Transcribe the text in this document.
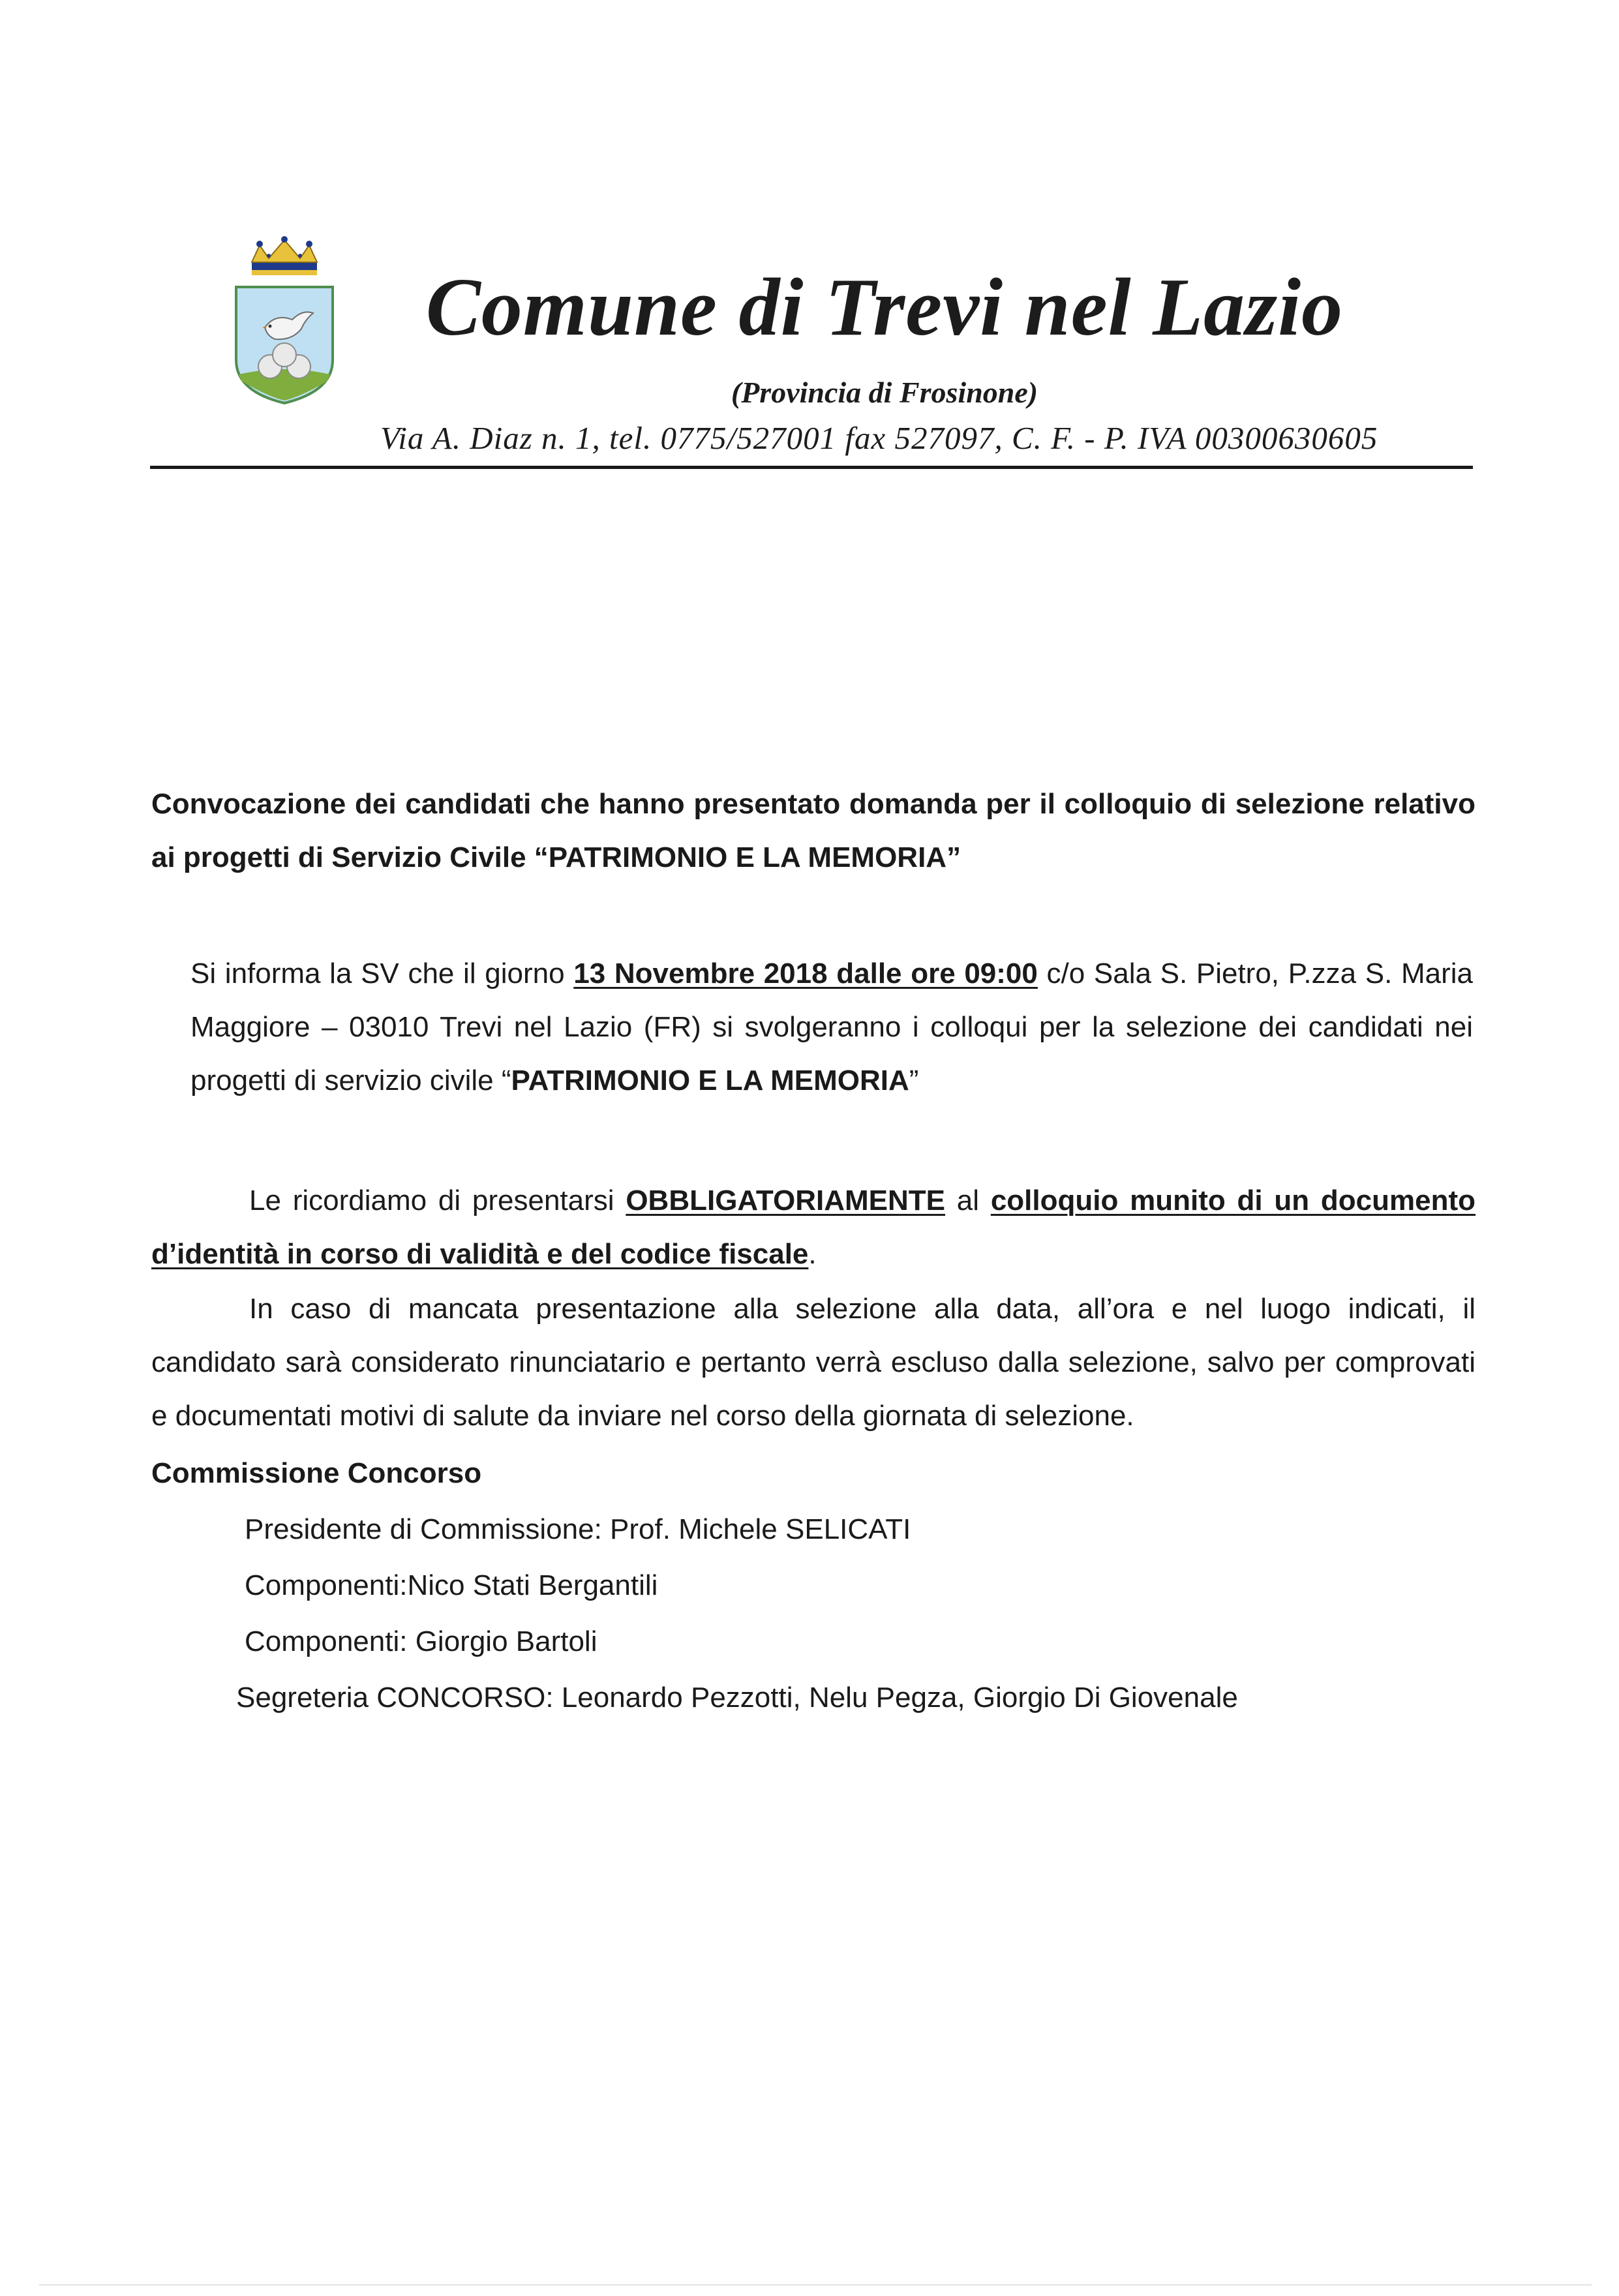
Comune di Trevi nel Lazio
(Provincia di Frosinone)
Via A. Diaz n. 1, tel. 0775/527001 fax 527097, C. F. - P. IVA 00300630605
Convocazione dei candidati che hanno presentato domanda per il colloquio di selezione relativo ai progetti di Servizio Civile “PATRIMONIO E LA MEMORIA”
Si informa la SV che il giorno 13 Novembre 2018 dalle ore 09:00 c/o Sala S. Pietro, P.zza S. Maria Maggiore – 03010 Trevi nel Lazio (FR) si svolgeranno i colloqui per la selezione dei candidati nei progetti di servizio civile “PATRIMONIO E LA MEMORIA”
Le ricordiamo di presentarsi OBBLIGATORIAMENTE al colloquio munito di un documento d’identità in corso di validità e del codice fiscale.
In caso di mancata presentazione alla selezione alla data, all’ora e nel luogo indicati, il candidato sarà considerato rinunciatario e pertanto verrà escluso dalla selezione, salvo per comprovati e documentati motivi di salute da inviare nel corso della giornata di selezione.
Commissione Concorso
Presidente di Commissione: Prof. Michele SELICATI
Componenti:Nico Stati Bergantili
Componenti: Giorgio Bartoli
Segreteria CONCORSO: Leonardo Pezzotti, Nelu Pegza, Giorgio Di Giovenale
